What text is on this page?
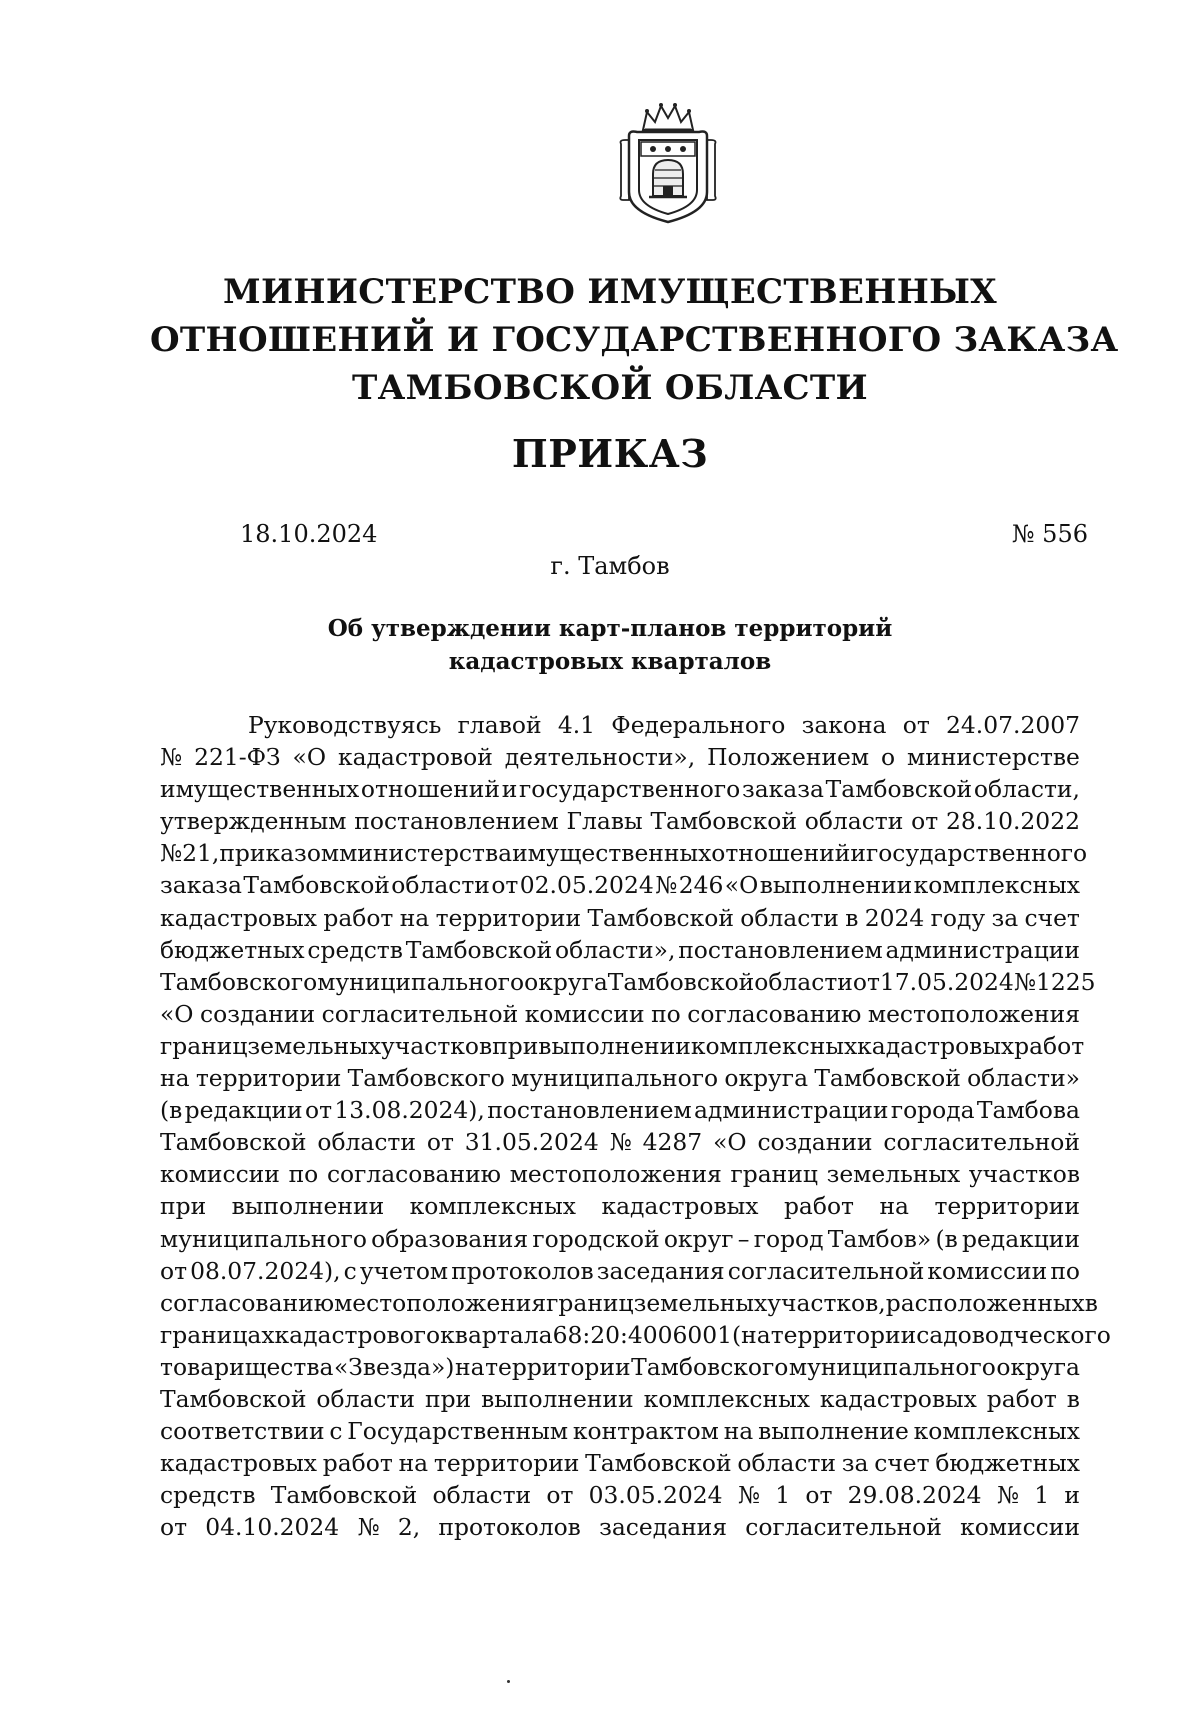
МИНИСТЕРСТВО ИМУЩЕСТВЕННЫХ
ОТНОШЕНИЙ И ГОСУДАРСТВЕННОГО ЗАКАЗА
ТАМБОВСКОЙ ОБЛАСТИ
ПРИКАЗ
18.10.2024	№ 556
г. Тамбов
Об утверждении карт-планов территорий
кадастровых кварталов
Руководствуясь главой 4.1 Федерального закона от 24.07.2007
№ 221-ФЗ «О кадастровой деятельности», Положением о министерстве
имущественных отношений и государственного заказа Тамбовской области,
утвержденным постановлением Главы Тамбовской области от 28.10.2022
№ 21, приказом министерства имущественных отношений и государственного
заказа Тамбовской области от 02.05.2024 № 246 «О выполнении комплексных
кадастровых работ на территории Тамбовской области в 2024 году за счет
бюджетных средств Тамбовской области», постановлением администрации
Тамбовского муниципального округа Тамбовской области от 17.05.2024 № 1225
«О создании согласительной комиссии по согласованию местоположения
границ земельных участков при выполнении комплексных кадастровых работ
на территории Тамбовского муниципального округа Тамбовской области»
(в редакции от 13.08.2024), постановлением администрации города Тамбова
Тамбовской области от 31.05.2024 № 4287 «О создании согласительной
комиссии по согласованию местоположения границ земельных участков
при выполнении комплексных кадастровых работ на территории
муниципального образования городской округ – город Тамбов» (в редакции
от 08.07.2024), с учетом протоколов заседания согласительной комиссии по
согласованию местоположения границ земельных участков, расположенных в
границах кадастрового квартала 68:20:4006001 (на территории садоводческого
товарищества «Звезда») на территории Тамбовского муниципального округа
Тамбовской области при выполнении комплексных кадастровых работ в
соответствии с Государственным контрактом на выполнение комплексных
кадастровых работ на территории Тамбовской области за счет бюджетных
средств Тамбовской области от 03.05.2024 № 1 от 29.08.2024 № 1 и
от 04.10.2024 № 2, протоколов заседания согласительной комиссии
